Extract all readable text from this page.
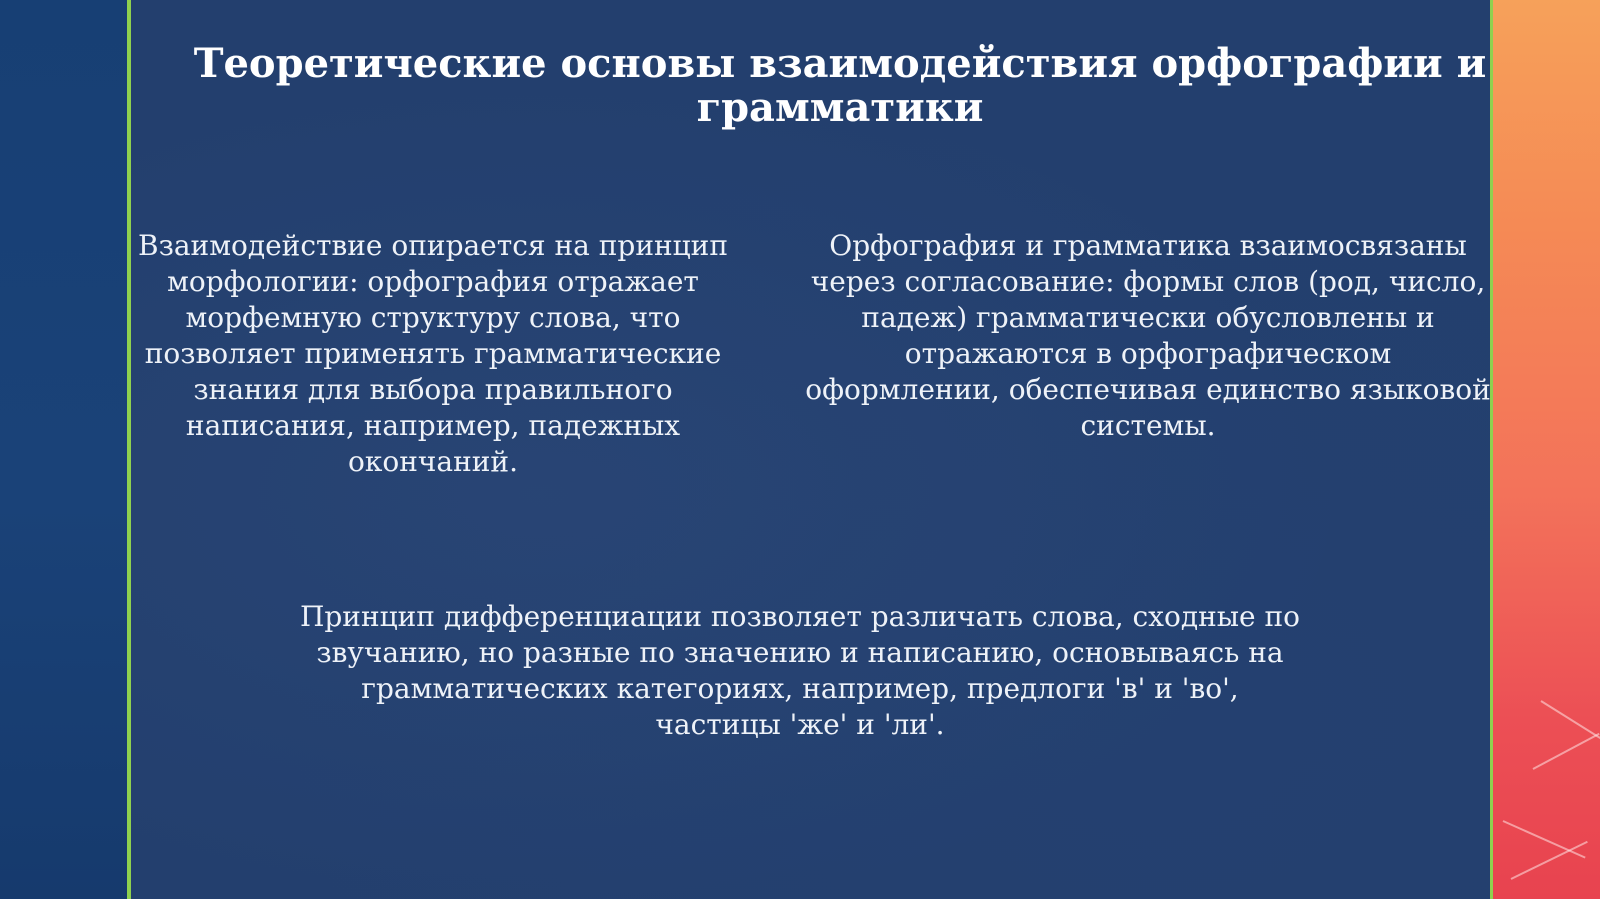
Теоретические основы взаимодействия орфографии и грамматики

Взаимодействие опирается на принцип морфологии: орфография отражает морфемную структуру слова, что позволяет применять грамматические знания для выбора правильного написания, например, падежных окончаний.

Орфография и грамматика взаимосвязаны через согласование: формы слов (род, число, падеж) грамматически обусловлены и отражаются в орфографическом оформлении, обеспечивая единство языковой системы.

Принцип дифференциации позволяет различать слова, сходные по звучанию, но разные по значению и написанию, основываясь на грамматических категориях, например, предлоги 'в' и 'во', частицы 'же' и 'ли'.
